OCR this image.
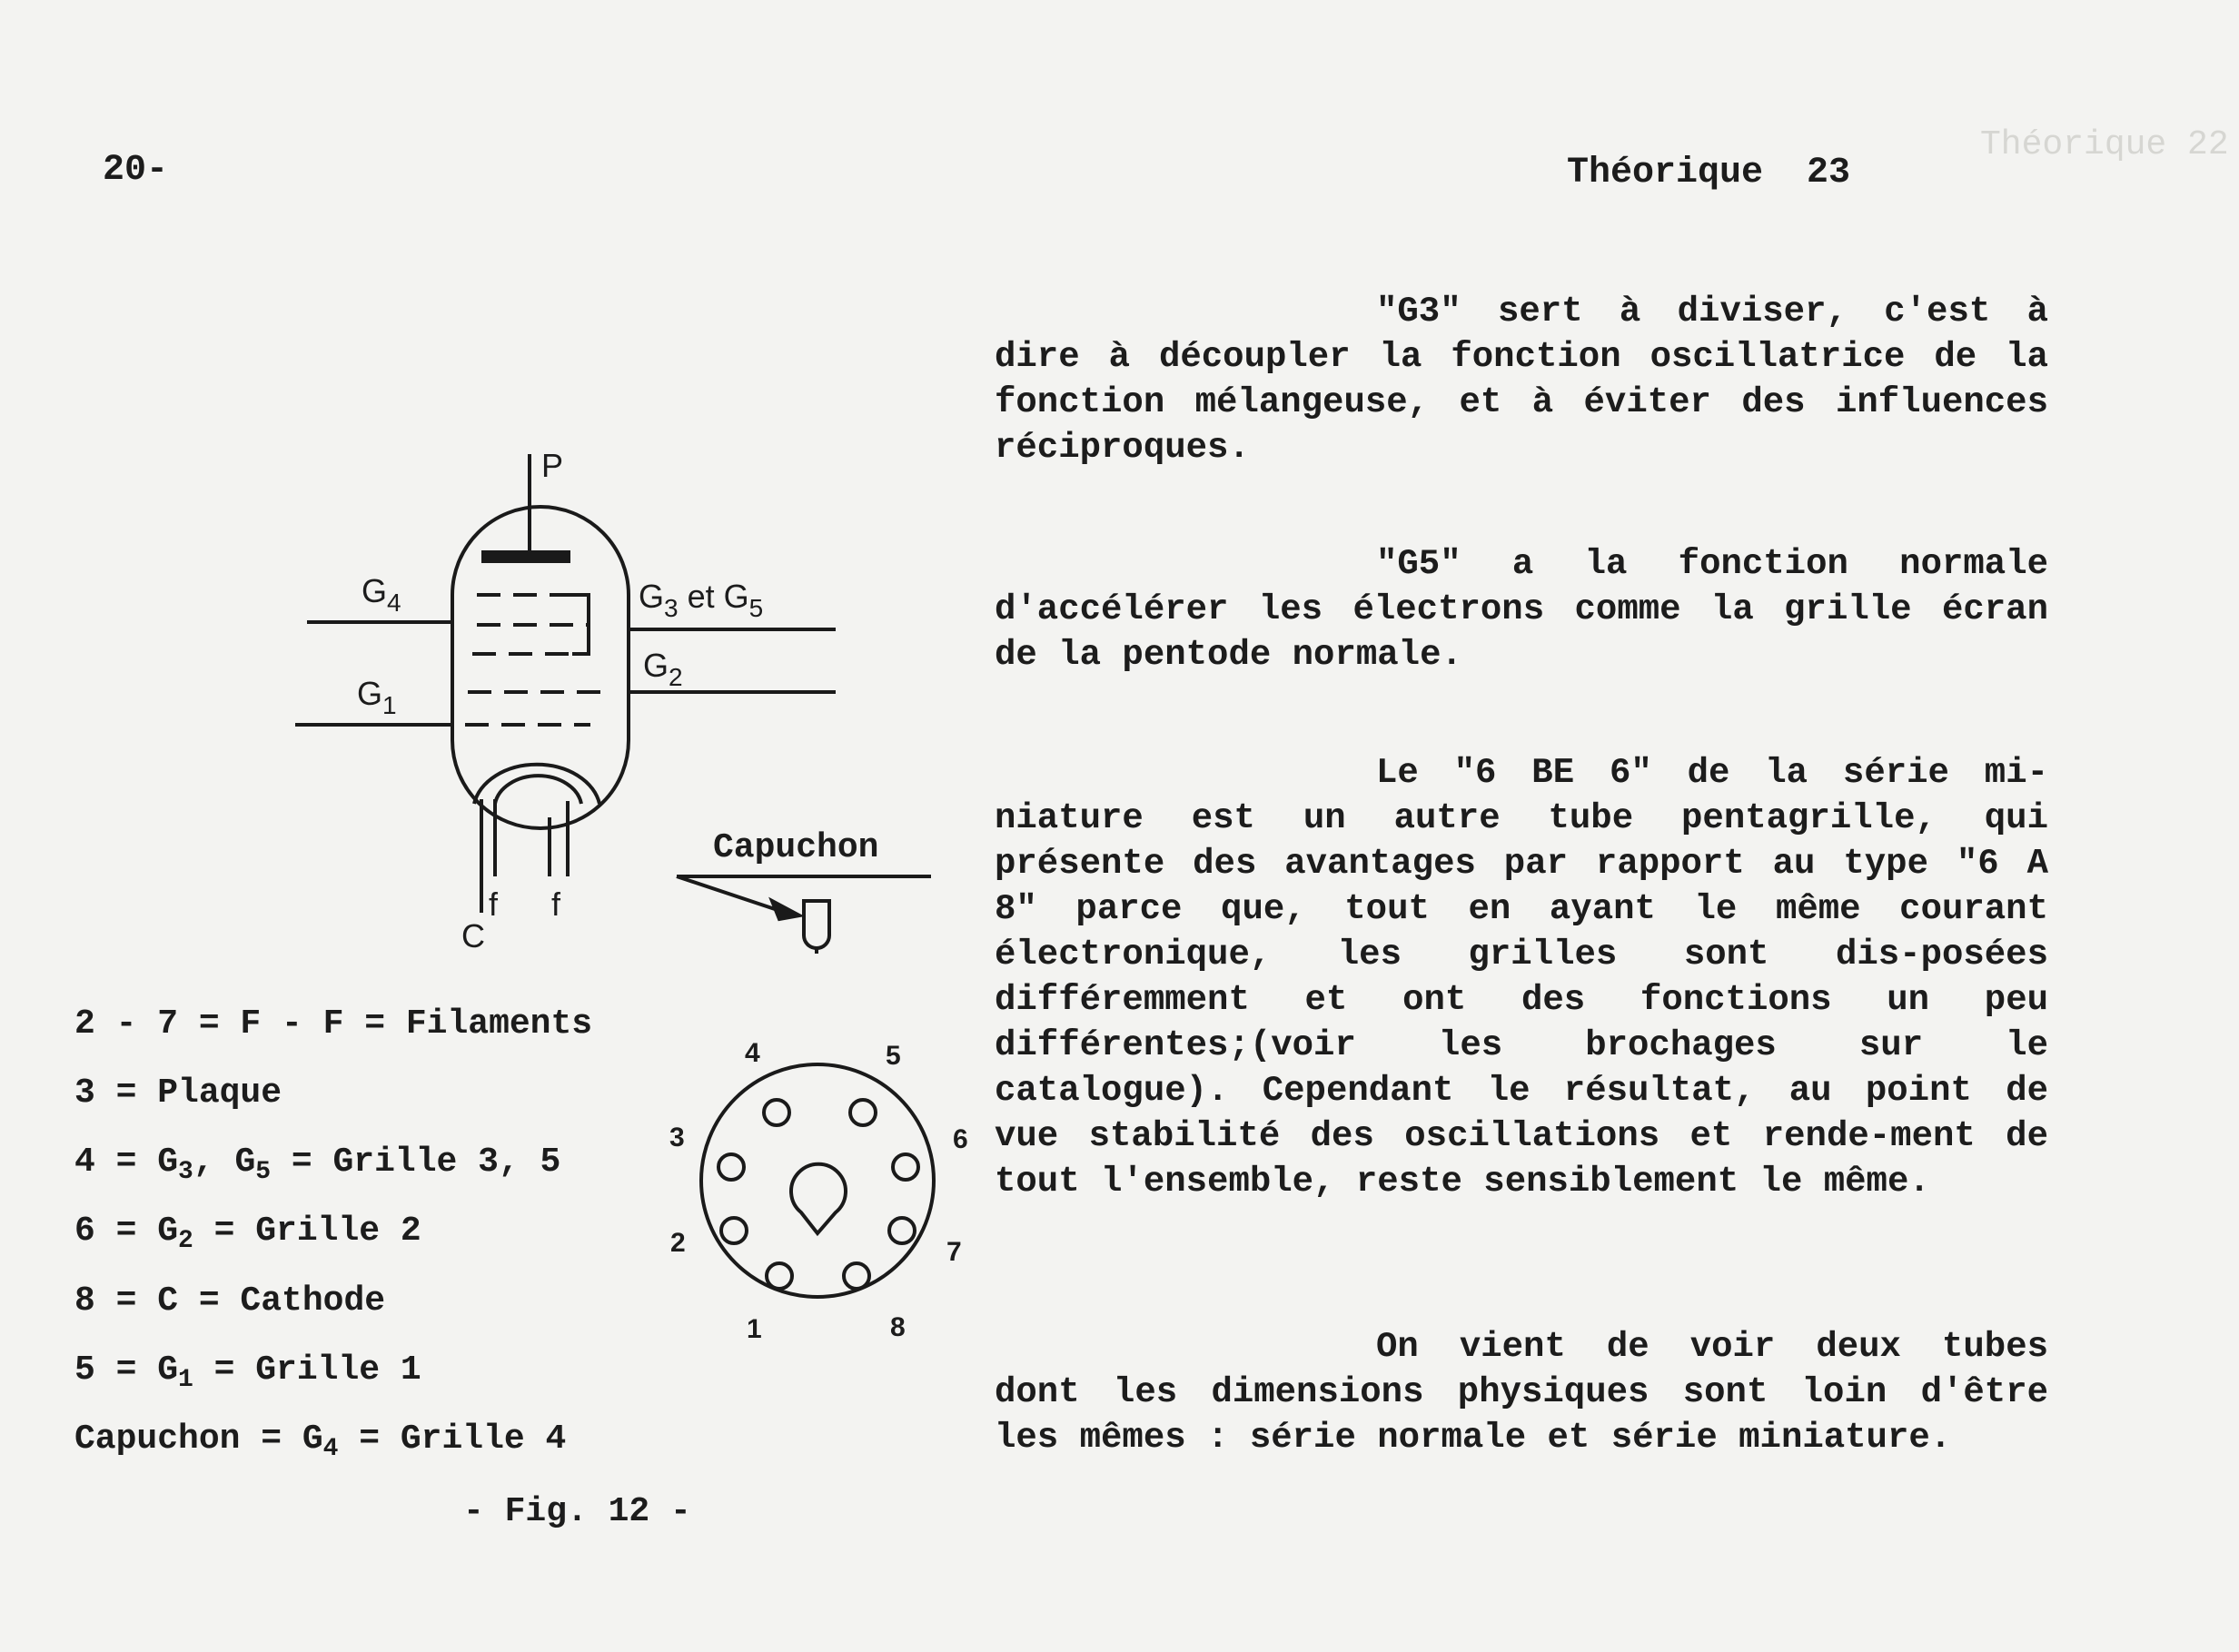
Théorique 22
20-	Théorique  23
"G3" sert à diviser, c'est à dire à découpler la fonction oscillatrice de la fonction mélangeuse, et à éviter des influences réciproques.
"G5" a la fonction normale d'accélérer les électrons comme la grille écran de la pentode normale.
Le "6 BE 6" de la série mi- niature est un autre tube pentagrille, qui présente des avantages par rapport au type "6 A 8" parce que, tout en ayant le même courant électronique, les grilles sont dis-posées différemment et ont des fonctions un peu différentes;(voir les brochages sur le catalogue). Cependant le résultat, au point de vue stabilité des oscillations et rende-ment de tout l'ensemble, reste sensiblement le même.
On vient de voir deux tubes dont les dimensions physiques sont loin d'être les mêmes : série normale et série miniature.
P
$G_4$	$G_3$ et $G_5$
$G_2$
$G_1$
C
f f
Capuchon
1
2
3
4	5
6
7
8
2 - 7 = F - F = Filaments
3 = Plaque
$4 = G_3$, $G_5$ = Grille 3, 5
$6 = G_2$ = Grille 2
8 = C = Cathode
$5 = G_1$ = Grille 1
Capuchon = $G_4$ = Grille 4
- Fig. 12 -
